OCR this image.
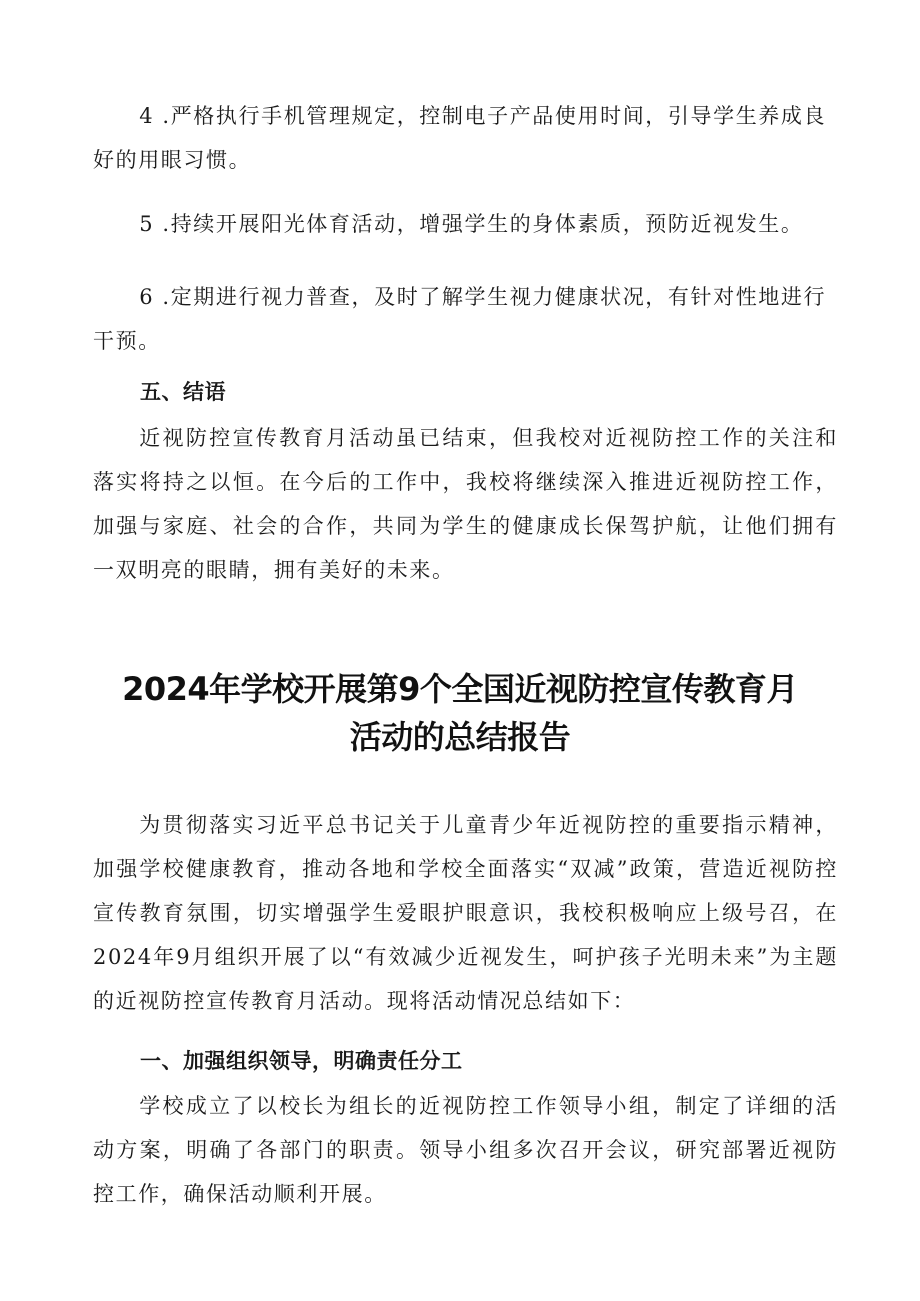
4 .严格执行手机管理规定，控制电子产品使用时间，引导学生养成良好的用眼习惯。

5 .持续开展阳光体育活动，增强学生的身体素质，预防近视发生。

6 .定期进行视力普查，及时了解学生视力健康状况，有针对性地进行干预。

五、结语

近视防控宣传教育月活动虽已结束，但我校对近视防控工作的关注和落实将持之以恒。在今后的工作中，我校将继续深入推进近视防控工作，加强与家庭、社会的合作，共同为学生的健康成长保驾护航，让他们拥有一双明亮的眼睛，拥有美好的未来。

2024年学校开展第9个全国近视防控宣传教育月
活动的总结报告

为贯彻落实习近平总书记关于儿童青少年近视防控的重要指示精神，加强学校健康教育，推动各地和学校全面落实“双减”政策，营造近视防控宣传教育氛围，切实增强学生爱眼护眼意识，我校积极响应上级号召，在2024年9月组织开展了以“有效减少近视发生，呵护孩子光明未来”为主题的近视防控宣传教育月活动。现将活动情况总结如下：

一、加强组织领导，明确责任分工

学校成立了以校长为组长的近视防控工作领导小组，制定了详细的活动方案，明确了各部门的职责。领导小组多次召开会议，研究部署近视防控工作，确保活动顺利开展。
